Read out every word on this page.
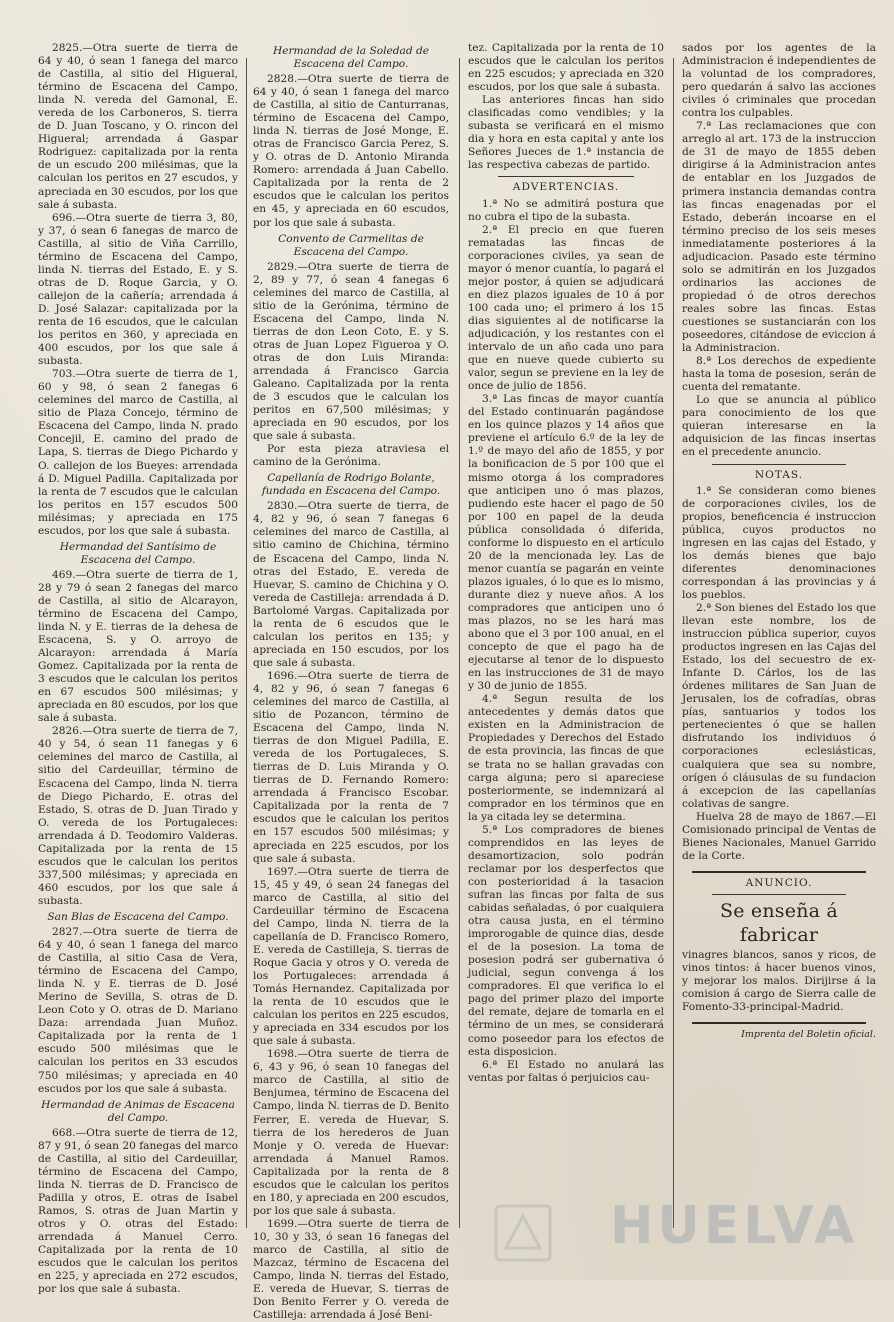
2825.—Otra suerte de tierra de 64 y 40, ó sean 1 fanega del marco de Castilla, al sitio del Higueral, término de Escacena del Campo, linda N. vereda del Gamonal, E. vereda de los Carboneros, S. tierra de D. Juan Toscano, y O. rincon del Higueral; arrendada á Gaspar Rodriguez: capitalizada por la renta de un escudo 200 milésimas, que la calculan los peritos en 27 escudos, y apreciada en 30 escudos, por los que sale á subasta.

696.—Otra suerte de tierra 3, 80, y 37, ó sean 6 fanegas de marco de Castilla, al sitio de Viña Carrillo, término de Escacena del Campo, linda N. tierras del Estado, E. y S. otras de D. Roque Garcia, y O. callejon de la cañería; arrendada á D. José Salazar: capitalizada por la renta de 16 escudos, que le calculan los peritos en 360, y apreciada en 400 escudos, por los que sale á subasta.

703.—Otra suerte de tierra de 1, 60 y 98, ó sean 2 fanegas 6 celemines del marco de Castilla, al sitio de Plaza Concejo, término de Escacena del Campo, linda N. prado Concejil, E. camino del prado de Lapa, S. tierras de Diego Pichardo y O. callejon de los Bueyes: arrendada á D. Miguel Padilla. Capitalizada por la renta de 7 escudos que le calculan los peritos en 157 escudos 500 milésimas; y apreciada en 175 escudos, por los que sale á subasta.

Hermandad del Santísimo de Escacena del Campo.

469.—Otra suerte de tierra de 1, 28 y 79 ó sean 2 fanegas del marco de Castilla, al sitio de Alcarayon, término de Escacena del Campo, linda N. y E. tierras de la dehesa de Escacena, S. y O. arroyo de Alcarayon: arrendada á María Gomez. Capitalizada por la renta de 3 escudos que le calculan los peritos en 67 escudos 500 milésimas; y apreciada en 80 escudos, por los que sale á subasta.

2826.—Otra suerte de tierra de 7, 40 y 54, ó sean 11 fanegas y 6 celemines del marco de Castilla, al sitio del Cardeuillar, término de Escacena del Campo, linda N. tierra de Diego Pichardo, E. otras del Estado, S. otras de D. Juan Tirado y O. vereda de los Portugaleces: arrendada á D. Teodomiro Valderas. Capitalizada por la renta de 15 escudos que le calculan los peritos 337,500 milésimas; y apreciada en 460 escudos, por los que sale á subasta.

San Blas de Escacena del Campo.

2827.—Otra suerte de tierra de 64 y 40, ó sean 1 fanega del marco de Castilla, al sitio Casa de Vera, término de Escacena del Campo, linda N. y E. tierras de D. José Merino de Sevilla, S. otras de D. Leon Coto y O. otras de D. Mariano Daza: arrendada Juan Muñoz. Capitalizada por la renta de 1 escudo 500 milésimas que le calculan los peritos en 33 escudos 750 milésimas; y apreciada en 40 escudos por los que sale á subasta.

Hermandad de Animas de Escacena del Campo.

668.—Otra suerte de tierra de 12, 87 y 91, ó sean 20 fanegas del marco de Castilla, al sitio del Cardeuillar, término de Escacena del Campo, linda N. tierras de D. Francisco de Padilla y otros, E. otras de Isabel Ramos, S. otras de Juan Martin y otros y O. otras del Estado: arrendada á Manuel Cerro. Capitalizada por la renta de 10 escudos que le calculan los peritos en 225, y apreciada en 272 escudos, por los que sale á subasta.

Hermandad de la Soledad de Escacena del Campo.

2828.—Otra suerte de tierra de 64 y 40, ó sean 1 fanega del marco de Castilla, al sitio de Canturranas, término de Escacena del Campo, linda N. tierras de José Monge, E. otras de Francisco Garcia Perez, S. y O. otras de D. Antonio Miranda Romero: arrendada á Juan Cabello. Capitalizada por la renta de 2 escudos que le calculan los peritos en 45, y apreciada en 60 escudos, por los que sale á subasta.

Convento de Carmelitas de Escacena del Campo.

2829.—Otra suerte de tierra de 2, 89 y 77, ó sean 4 fanegas 6 celemines del marco de Castilla, al sitio de la Gerónima, término de Escacena del Campo, linda N. tierras de don Leon Coto, E. y S. otras de Juan Lopez Figueroa y O. otras de don Luis Miranda: arrendada á Francisco Garcia Galeano. Capitalizada por la renta de 3 escudos que le calculan los peritos en 67,500 milésimas; y apreciada en 90 escudos, por los que sale á subasta.

Por esta pieza atraviesa el camino de la Gerónima.

Capellanía de Rodrigo Bolante, fundada en Escacena del Campo.

2830.—Otra suerte de tierra, de 4, 82 y 96, ó sean 7 fanegas 6 celemines del marco de Castilla, al sitio camino de Chichina, término de Escacena del Campo, linda N. otras del Estado, E. vereda de Huevar, S. camino de Chichina y O. vereda de Castilleja: arrendada á D. Bartolomé Vargas. Capitalizada por la renta de 6 escudos que le calculan los peritos en 135; y apreciada en 150 escudos, por los que sale á subasta.

1696.—Otra suerte de tierra de 4, 82 y 96, ó sean 7 fanegas 6 celemines del marco de Castilla, al sitio de Pozancon, término de Escacena del Campo, linda N. tierras de don Miguel Padilla, E. vereda de los Portugaleces, S. tierras de D. Luis Miranda y O. tierras de D. Fernando Romero: arrendada á Francisco Escobar. Capitalizada por la renta de 7 escudos que le calculan los peritos en 157 escudos 500 milésimas; y apreciada en 225 escudos, por los que sale á subasta.

1697.—Otra suerte de tierra de 15, 45 y 49, ó sean 24 fanegas del marco de Castilla, al sitio del Cardeuillar término de Escacena del Campo, linda N. tierra de la capellanía de D. Francisco Romero, E. vereda de Castilleja, S. tierras de Roque Gacia y otros y O. vereda de los Portugaleces: arrendada á Tomás Hernandez. Capitalizada por la renta de 10 escudos que le calculan los peritos en 225 escudos, y apreciada en 334 escudos por los que sale á subasta.

1698.—Otra suerte de tierra de 6, 43 y 96, ó sean 10 fanegas del marco de Castilla, al sitio de Benjumea, término de Escacena del Campo, linda N. tierras de D. Benito Ferrer, E. vereda de Huevar, S. tierra de los herederos de Juan Monje y O. vereda de Huevar: arrendada á Manuel Ramos. Capitalizada por la renta de 8 escudos que le calculan los peritos en 180, y apreciada en 200 escudos, por los que sale á subasta.

1699.—Otra suerte de tierra de 10, 30 y 33, ó sean 16 fanegas del marco de Castilla, al sitio de Mazcaz, término de Escacena del Campo, linda N. tierras del Estado, E. vereda de Huevar, S. tierras de Don Benito Ferrer y O. vereda de Castilleja: arrendada á José Beni-

tez. Capitalizada por la renta de 10 escudos que le calculan los peritos en 225 escudos; y apreciada en 320 escudos, por los que sale á subasta.

Las anteriores fincas han sido clasificadas como vendibles; y la subasta se verificará en el mismo dia y hora en esta capital y ante los Señores Jueces de 1.ª instancia de las respectiva cabezas de partido.

ADVERTENCIAS.

1.ª No se admitirá postura que no cubra el tipo de la subasta.

2.ª El precio en que fueren rematadas las fincas de corporaciones civiles, ya sean de mayor ó menor cuantía, lo pagará el mejor postor, á quien se adjudicará en diez plazos iguales de 10 á por 100 cada uno; el primero á los 15 dias siguientes al de notificarse la adjudicación, y los restantes con el intervalo de un año cada uno para que en nueve quede cubierto su valor, segun se previene en la ley de once de julio de 1856.

3.ª Las fincas de mayor cuantía del Estado continuarán pagándose en los quince plazos y 14 años que previene el artículo 6.º de la ley de 1.º de mayo del año de 1855, y por la bonificacion de 5 por 100 que el mismo otorga á los compradores que anticipen uno ó mas plazos, pudiendo este hacer el pago de 50 por 100 en papel de la deuda pública consolidada ó diferida, conforme lo dispuesto en el artículo 20 de la mencionada ley. Las de menor cuantía se pagarán en veinte plazos iguales, ó lo que es lo mismo, durante diez y nueve años. A los compradores que anticipen uno ó mas plazos, no se les hará mas abono que el 3 por 100 anual, en el concepto de que el pago ha de ejecutarse al tenor de lo dispuesto en las instrucciones de 31 de mayo y 30 de junio de 1855.

4.ª Segun resulta de los antecedentes y demás datos que existen en la Administracion de Propiedades y Derechos del Estado de esta provincia, las fincas de que se trata no se hallan gravadas con carga alguna; pero si apareciese posteriormente, se indemnizará al comprador en los términos que en la ya citada ley se determina.

5.ª Los compradores de bienes comprendidos en las leyes de desamortizacion, solo podrán reclamar por los desperfectos que con posterioridad á la tasacion sufran las fincas por falta de sus cabidas señaladas, ó por cualquiera otra causa justa, en el término improrogable de quince dias, desde el de la posesion. La toma de posesion podrá ser gubernativa ó judicial, segun convenga á los compradores. El que verifica lo el pago del primer plazo del importe del remate, dejare de tomarla en el término de un mes, se considerará como poseedor para los efectos de esta disposicion.

6.ª El Estado no anulará las ventas por faltas ó perjuicios cau-

sados por los agentes de la Administracion é independientes de la voluntad de los compradores, pero quedarán á salvo las acciones civiles ó criminales que procedan contra los culpables.

7.ª Las reclamaciones que con arreglo al art. 173 de la instruccion de 31 de mayo de 1855 deben dirigirse á la Administracion antes de entablar en los Juzgados de primera instancia demandas contra las fincas enagenadas por el Estado, deberán incoarse en el término preciso de los seis meses inmediatamente posteriores á la adjudicacion. Pasado este término solo se admitirán en los Juzgados ordinarios las acciones de propiedad ó de otros derechos reales sobre las fincas. Estas cuestiones se sustanciarán con los poseedores, citándose de eviccion á la Administracion.

8.ª Los derechos de expediente hasta la toma de posesion, serán de cuenta del rematante.

Lo que se anuncia al público para conocimiento de los que quieran interesarse en la adquisicion de las fincas insertas en el precedente anuncio.

NOTAS.

1.ª Se consideran como bienes de corporaciones civiles, los de propios, beneficencia é instruccion pública, cuyos productos no ingresen en las cajas del Estado, y los demás bienes que bajo diferentes denominaciones correspondan á las provincias y á los pueblos.

2.ª Son bienes del Estado los que llevan este nombre, los de instruccion pública superior, cuyos productos ingresen en las Cajas del Estado, los del secuestro de ex-Infante D. Cárlos, los de las órdenes militares de San Juan de Jerusalen, los de cofradías, obras pías, santuarios y todos los pertenecientes ó que se hallen disfrutando los individuos ó corporaciones eclesiásticas, cualquiera que sea su nombre, orígen ó cláusulas de su fundacion á excepcion de las capellanías colativas de sangre.

Huelva 28 de mayo de 1867.—El Comisionado principal de Ventas de Bienes Nacionales, Manuel Garrido de la Corte.

ANUNCIO.
Se enseña á fabricar

vinagres blancos, sanos y ricos, de vinos tintos: á hacer buenos vinos, y mejorar los malos. Dirijirse á la comision á cargo de Sierra calle de Fomento-33-principal-Madrid.

Imprenta del Boletin oficial.
HUELVA
